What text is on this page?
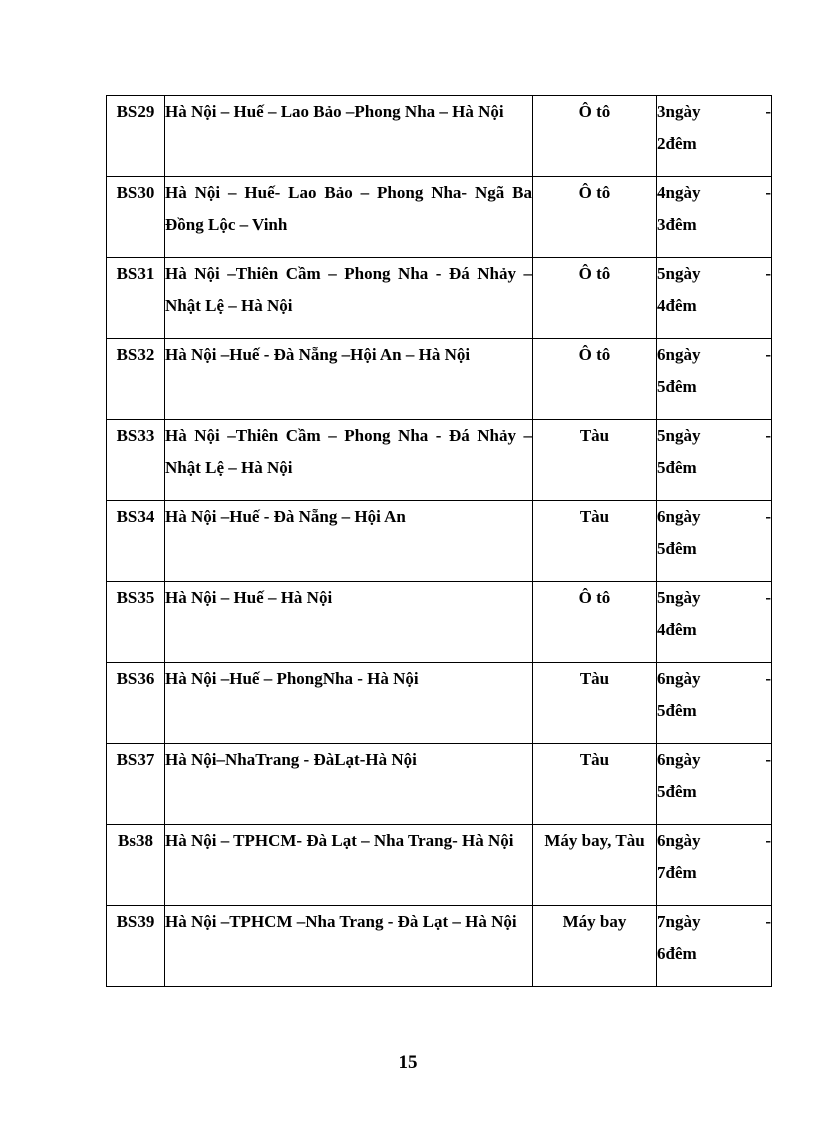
BS29	Hà Nội – Huế – Lao Bảo –Phong Nha – Hà Nội	Ô tô	3ngày -
2đêm

BS30	Hà Nội – Huế- Lao Bảo – Phong Nha- Ngã Ba Đồng Lộc – Vinh	Ô tô	4ngày -
3đêm

BS31	Hà Nội –Thiên Cầm – Phong Nha - Đá Nhảy – Nhật Lệ – Hà Nội	Ô tô	5ngày -
4đêm

BS32	Hà Nội –Huế - Đà Nẵng –Hội An – Hà Nội	Ô tô	6ngày -
5đêm

BS33	Hà Nội –Thiên Cầm – Phong Nha - Đá Nhảy –Nhật Lệ – Hà Nội	Tàu	5ngày -
5đêm

BS34	Hà Nội –Huế - Đà Nẵng – Hội An	Tàu	6ngày -
5đêm

BS35	Hà Nội – Huế – Hà Nội	Ô tô	5ngày -
4đêm

BS36	Hà Nội –Huế – PhongNha - Hà Nội	Tàu	6ngày -
5đêm

BS37	Hà Nội–NhaTrang - ĐàLạt-Hà Nội	Tàu	6ngày -
5đêm

Bs38	Hà Nội – TPHCM- Đà Lạt – Nha Trang- Hà Nội	Máy bay, Tàu	6ngày -
7đêm

BS39	Hà Nội –TPHCM –Nha Trang - Đà Lạt – Hà Nội	Máy bay	7ngày -
6đêm
15
